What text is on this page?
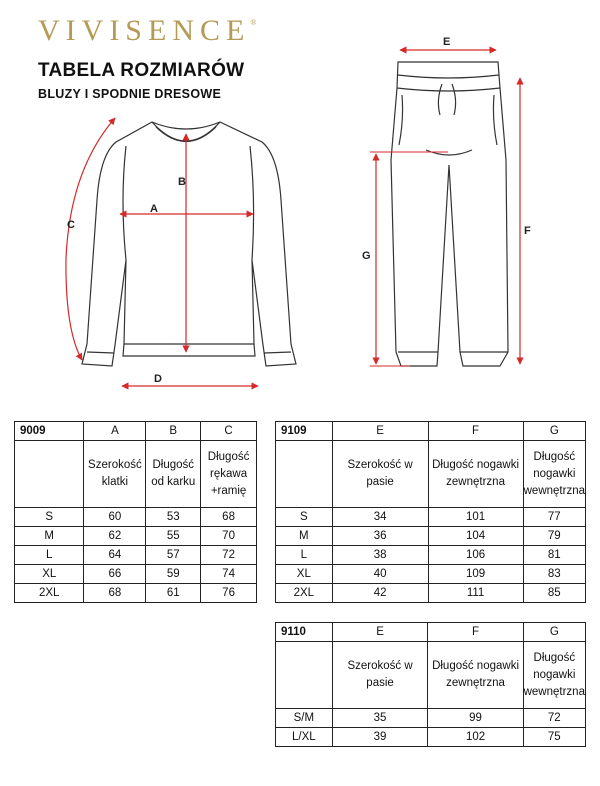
VIVISENCE®
TABELA ROZMIARÓW
BLUZY I SPODNIE DRESOWE
A
B
C
D
E
F
G
9009	A	B	C
	Szerokość klatki	Długość od karku	Długość rękawa +ramię
S	60	53	68
M	62	55	70
L	64	57	72
XL	66	59	74
2XL	68	61	76
9109	E	F	G
	Szerokość w pasie	Długość nogawki zewnętrzna	Długość nogawki wewnętrzna
S	34	101	77
M	36	104	79
L	38	106	81
XL	40	109	83
2XL	42	111	85
9110	E	F	G
	Szerokość w pasie	Długość nogawki zewnętrzna	Długość nogawki wewnętrzna
S/M	35	99	72
L/XL	39	102	75
